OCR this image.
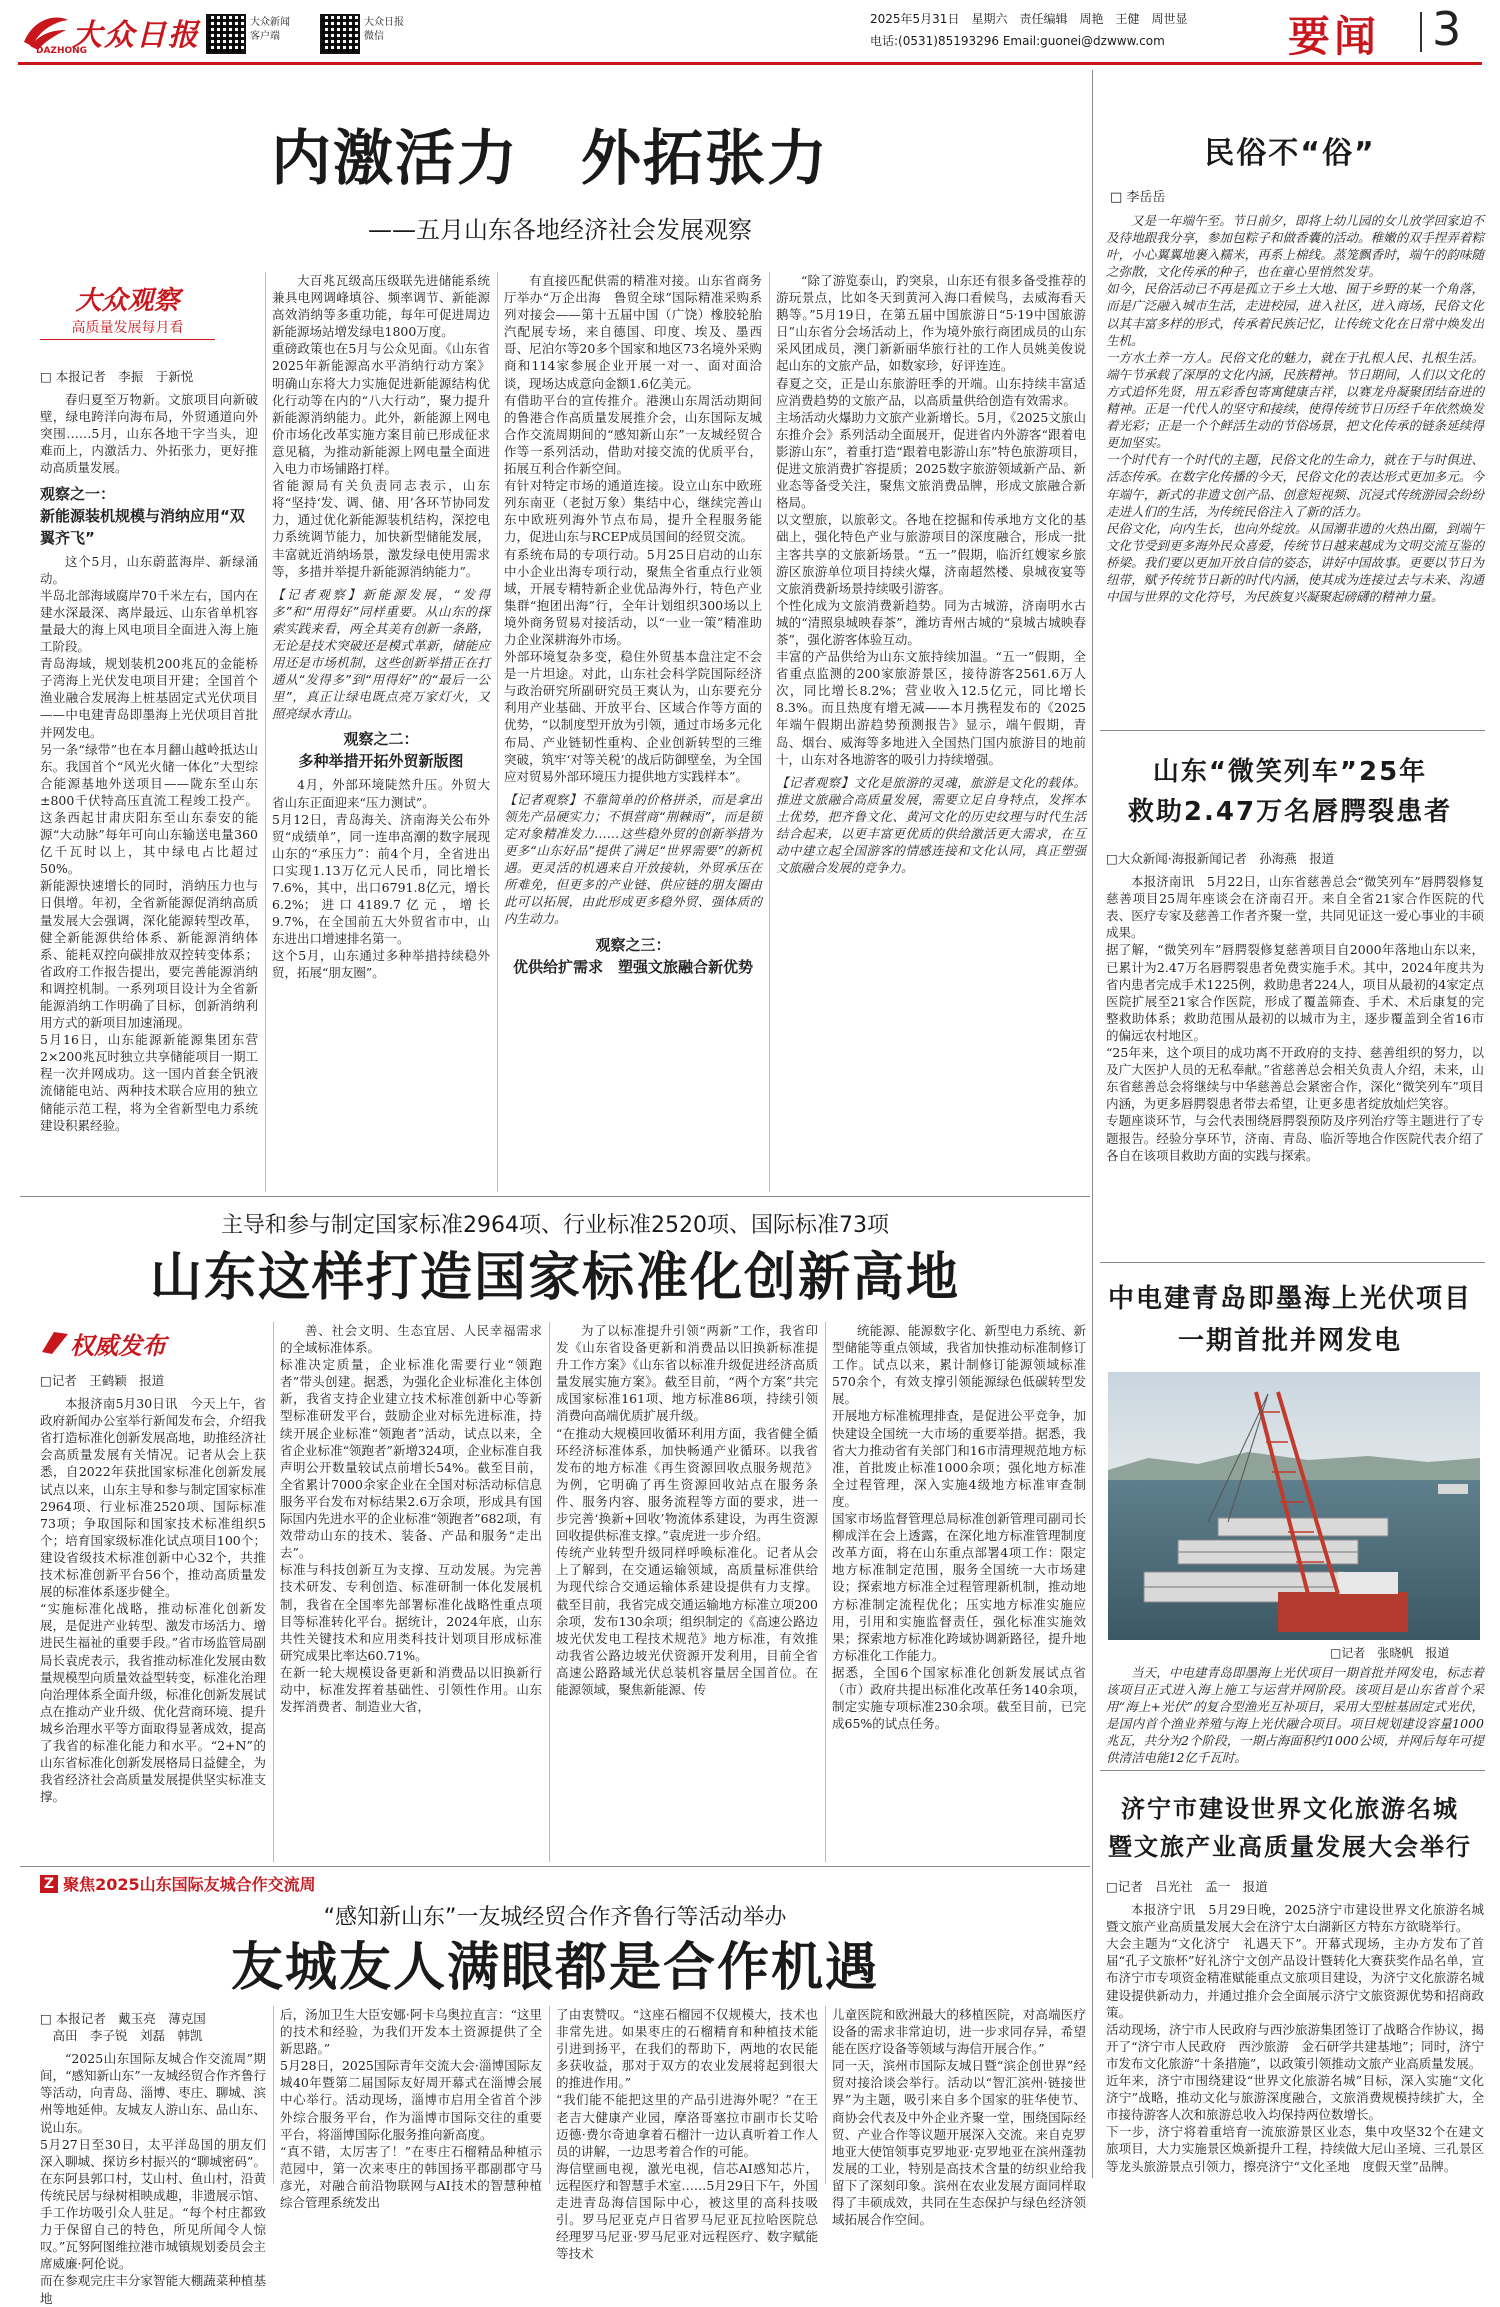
大众日报
DAZHONG
大众新闻
客户端
大众日报
微信
2025年5月31日　星期六　责任编辑　周艳　王健　周世显
电话:(0531)85193296 Email:guonei@dzwww.com	要闻 3
内激活力　外拓张力
——五月山东各地经济社会发展观察
大众观察
高质量发展每月看

□ 本报记者　李振　于新悦

春归夏至万物新。文旅项目向新破壁，绿电跨洋向海布局，外贸通道向外突围……5月，山东各地干字当头，迎难而上，内激活力、外拓张力，更好推动高质量发展。

观察之一：
新能源装机规模与消纳应用“双翼齐飞”

这个5月，山东蔚蓝海岸、新绿涌动。
半岛北部海域腐岸70千米左右，国内在建水深最深、离岸最远、山东省单机容量最大的海上风电项目全面进入海上施工阶段。
青岛海域，规划装机200兆瓦的金能桥子湾海上光伏发电项目开建；全国首个渔业融合发展海上桩基固定式光伏项目——中电建青岛即墨海上光伏项目首批并网发电。
另一条“绿带”也在本月翻山越岭抵达山东。我国首个“风光火储一体化”大型综合能源基地外送项目——陇东至山东±800千伏特高压直流工程竣工投产。这条西起甘肃庆阳东至山东泰安的能源“大动脉”每年可向山东输送电量360亿千瓦时以上，其中绿电占比超过50%。
新能源快速增长的同时，消纳压力也与日俱增。年初，全省新能源促消纳高质量发展大会强调，深化能源转型改革，健全新能源供给体系、新能源消纳体系、能耗双控向碳排放双控转变体系；省政府工作报告提出，要完善能源消纳和调控机制。一系列项目设计为全省新能源消纳工作明确了目标，创新消纳利用方式的新项目加速涌现。
5月16日，山东能源新能源集团东营2×200兆瓦时独立共享储能项目一期工程一次并网成功。这一国内首套全钒液流储能电站、两种技术联合应用的独立储能示范工程，将为全省新型电力系统建设积累经验。
大百兆瓦级高压级联先进储能系统兼具电网调峰填谷、频率调节、新能源高效消纳等多重功能，每年可促进周边新能源场站增发绿电1800万度。
重磅政策也在5月与公众见面。《山东省2025年新能源高水平消纳行动方案》明确山东将大力实施促进新能源结构优化行动等在内的“八大行动”，聚力提升新能源消纳能力。此外，新能源上网电价市场化改革实施方案目前已形成征求意见稿，为推动新能源上网电量全面进入电力市场铺路打样。
省能源局有关负责同志表示，山东将“坚持‘发、调、储、用’各环节协同发力，通过优化新能源装机结构，深挖电力系统调节能力，加快新型储能发展，丰富就近消纳场景，激发绿电使用需求等，多措并举提升新能源消纳能力”。

【记者观察】新能源发展，“发得多”和“用得好”同样重要。从山东的探索实践来看，两全其美有创新一条路，无论是技术突破还是模式革新，储能应用还是市场机制，这些创新举措正在打通从“发得多”到“用得好”的“最后一公里”，真正让绿电既点亮万家灯火，又照亮绿水青山。

观察之二：
多种举措开拓外贸新版图

4月，外部环境陡然升压。外贸大省山东正面迎来“压力测试”。
5月12日，青岛海关、济南海关公布外贸“成绩单”，同一连串高潮的数字展现山东的“承压力”：前4个月，全省进出口实现1.13万亿元人民币，同比增长7.6%，其中，出口6791.8亿元，增长6.2%；进口4189.7亿元，增长9.7%，在全国前五大外贸省市中，山东进出口增速排名第一。
这个5月，山东通过多种举措持续稳外贸，拓展“朋友圈”。
有直接匹配供需的精准对接。山东省商务厅举办“万企出海　鲁贸全球”国际精准采购系列对接会——第十五届中国（广饶）橡胶轮胎汽配展专场，来自德国、印度、埃及、墨西哥、尼泊尔等20多个国家和地区73名境外采购商和114家参展企业开展一对一、面对面洽谈，现场达成意向金额1.6亿美元。
有借助平台的宣传推介。港澳山东周活动期间的鲁港合作高质量发展推介会，山东国际友城合作交流周期间的“感知新山东”一友城经贸合作等一系列活动，借助对接交流的优质平台，拓展互利合作新空间。
有针对特定市场的通道连接。设立山东中欧班列东南亚（老挝万象）集结中心，继续完善山东中欧班列海外节点布局，提升全程服务能力，促进山东与RCEP成员国间的经贸交流。
有系统布局的专项行动。5月25日启动的山东中小企业出海专项行动，聚焦全省重点行业领域，开展专精特新企业优品海外行，特色产业集群“抱团出海”行，全年计划组织300场以上境外商务贸易对接活动，以“一业一策”精准助力企业深耕海外市场。
外部环境复杂多变，稳住外贸基本盘注定不会是一片坦途。对此，山东社会科学院国际经济与政治研究所副研究员王爽认为，山东要充分利用产业基础、开放平台、区域合作等方面的优势，“以制度型开放为引领，通过市场多元化布局、产业链韧性重构、企业创新转型的三维突破，筑牢‘对等关税’的战后防御壁垒，为全国应对贸易外部环境压力提供地方实践样本”。

【记者观察】不靠简单的价格拼杀，而是拿出领先产品硬实力；不惧营商“荆棘雨”，而是锁定对象精准发力……这些稳外贸的创新举措为更多“山东好品”提供了满足“世界需要”的新机遇。更灵活的机遇来自开放接轨，外贸承压在所难免，但更多的产业链、供应链的朋友圈由此可以拓展，由此形成更多稳外贸、强体质的内生动力。

观察之三：
优供给扩需求　塑强文旅融合新优势

“除了游览泰山，趵突泉，山东还有很多备受推荐的游玩景点，比如冬天到黄河入海口看候鸟，去威海看天鹅等。”5月19日，在第五届中国旅游日“5·19中国旅游日”山东省分会场活动上，作为境外旅行商团成员的山东采风团成员，澳门新新丽华旅行社的工作人员姚美俊说起山东的文旅产品，如数家珍，好评连连。
春夏之交，正是山东旅游旺季的开端。山东持续丰富适应消费趋势的文旅产品，以高质量供给创造有效需求。
主场活动火爆助力文旅产业新增长。5月，《2025文旅山东推介会》系列活动全面展开，促进省内外游客“跟着电影游山东”，着重打造“跟着电影游山东”特色旅游项目，促进文旅消费扩容提质；2025数字旅游领域新产品、新业态等备受关注，聚焦文旅消费品牌，形成文旅融合新格局。
以文塑旅，以旅彰文。各地在挖掘和传承地方文化的基础上，强化特色产业与旅游项目的深度融合，形成一批主客共享的文旅新场景。“五一”假期，临沂红嫂家乡旅游区旅游单位项目持续火爆，济南超然楼、泉城夜宴等文旅消费新场景持续吸引游客。
个性化成为文旅消费新趋势。同为古城游，济南明水古城的“清照泉城映春茶”，潍坊青州古城的“泉城古城映春茶”，强化游客体验互动。
丰富的产品供给为山东文旅持续加温。“五一”假期，全省重点监测的200家旅游景区，接待游客2561.6万人次，同比增长8.2%；营业收入12.5亿元，同比增长8.3%。而且热度有增无减——本月携程发布的《2025年端午假期出游趋势预测报告》显示，端午假期，青岛、烟台、威海等多地进入全国热门国内旅游目的地前十，山东对各地游客的吸引力持续增强。

【记者观察】文化是旅游的灵魂，旅游是文化的载体。推进文旅融合高质量发展，需要立足自身特点，发挥本土优势，把齐鲁文化、黄河文化的历史纹理与时代生活结合起来，以更丰富更优质的供给激活更大需求，在互动中建立起全国游客的情感连接和文化认同，真正塑强文旅融合发展的竞争力。

民俗不“俗”
□ 李岳岳
又是一年端午至。节日前夕，即将上幼儿园的女儿放学回家迫不及待地跟我分享，参加包粽子和做香囊的活动。稚嫩的双手捏弄着粽叶，小心翼翼地裹入糯米，再系上棉线。蒸笼飘香时，端午的韵味随之弥散，文化传承的种子，也在童心里悄然发芽。
如今，民俗活动已不再是孤立于乡土大地、囿于乡野的某一个角落，而是广泛融入城市生活，走进校园，进入社区，进入商场，民俗文化以其丰富多样的形式，传承着民族记忆，让传统文化在日常中焕发出生机。
一方水土养一方人。民俗文化的魅力，就在于扎根人民、扎根生活。端午节承载了深厚的文化内涵，民族精神。节日期间，人们以文化的方式追怀先贤，用五彩香包寄寓健康吉祥，以赛龙舟凝聚团结奋进的精神。正是一代代人的坚守和接续，使得传统节日历经千年依然焕发着光彩；正是一个个鲜活生动的节俗场景，把文化传承的链条延续得更加坚实。
一个时代有一个时代的主题，民俗文化的生命力，就在于与时俱进、活态传承。在数字化传播的今天，民俗文化的表达形式更加多元。今年端午，新式的非遗文创产品、创意短视频、沉浸式传统游园会纷纷走进人们的生活，为传统民俗注入了新的活力。
民俗文化，向内生长，也向外绽放。从国潮非遗的火热出圈，到端午文化节受到更多海外民众喜爱，传统节日越来越成为文明交流互鉴的桥梁。我们要以更加开放自信的姿态，讲好中国故事。更要以节日为纽带，赋予传统节日新的时代内涵，使其成为连接过去与未来、沟通中国与世界的文化符号，为民族复兴凝聚起磅礴的精神力量。
山东“微笑列车”25年
救助2.47万名唇腭裂患者

□大众新闻·海报新闻记者　孙海燕　报道

本报济南讯　5月22日，山东省慈善总会“微笑列车”唇腭裂修复慈善项目25周年座谈会在济南召开。来自全省21家合作医院的代表、医疗专家及慈善工作者齐聚一堂，共同见证这一爱心事业的丰硕成果。
据了解，“微笑列车”唇腭裂修复慈善项目自2000年落地山东以来，已累计为2.47万名唇腭裂患者免费实施手术。其中，2024年度共为省内患者完成手术1225例，救助患者224人，项目从最初的4家定点医院扩展至21家合作医院，形成了覆盖筛查、手术、术后康复的完整救助体系；救助范围从最初的以城市为主，逐步覆盖到全省16市的偏远农村地区。
“25年来，这个项目的成功离不开政府的支持、慈善组织的努力，以及广大医护人员的无私奉献。”省慈善总会相关负责人介绍，未来，山东省慈善总会将继续与中华慈善总会紧密合作，深化“微笑列车”项目内涵，为更多唇腭裂患者带去希望，让更多患者绽放灿烂笑容。
专题座谈环节，与会代表围绕唇腭裂预防及序列治疗等主题进行了专题报告。经验分享环节，济南、青岛、临沂等地合作医院代表介绍了各自在该项目救助方面的实践与探索。
主导和参与制定国家标准2964项、行业标准2520项、国际标准73项
山东这样打造国家标准化创新高地
权威发布

□记者　王鹤颖　报道

本报济南5月30日讯　今天上午，省政府新闻办公室举行新闻发布会，介绍我省打造标准化创新发展高地，助推经济社会高质量发展有关情况。记者从会上获悉，自2022年获批国家标准化创新发展试点以来，山东主导和参与制定国家标准2964项、行业标准2520项、国际标准73项；争取国际和国家技术标准组织5个；培育国家级标准化试点项目100个；建设省级技术标准创新中心32个，共推技术标准创新平台56个，推动高质量发展的标准体系逐步健全。
“实施标准化战略，推动标准化创新发展，是促进产业转型、激发市场活力、增进民生福祉的重要手段。”省市场监管局副局长袁虎表示，我省推动标准化发展由数量规模型向质量效益型转变，标准化治理向治理体系全面升级，标准化创新发展试点在推动产业升级、优化营商环境、提升城乡治理水平等方面取得显著成效，提高了我省的标准化能力和水平。“2+N”的山东省标准化创新发展格局日益健全，为我省经济社会高质量发展提供坚实标准支撑。
善、社会文明、生态宜居、人民幸福需求的全域标准体系。
标准决定质量，企业标准化需要行业“领跑者”带头创建。据悉，为强化企业标准化主体创新，我省支持企业建立技术标准创新中心等新型标准研发平台，鼓励企业对标先进标准，持续开展企业标准“领跑者”活动，试点以来，全省企业标准“领跑者”新增324项，企业标准自我声明公开数量较试点前增长54%。截至目前，全省累计7000余家企业在全国对标活动标信息服务平台发布对标结果2.6万余项，形成具有国际国内先进水平的企业标准“领跑者”682项，有效带动山东的技术、装备、产品和服务“走出去”。
标准与科技创新互为支撑、互动发展。为完善技术研发、专利创造、标准研制一体化发展机制，我省在全国率先部署标准化战略性重点项目等标准转化平台。据统计，2024年底，山东共性关键技术和应用类科技计划项目形成标准研究成果比率达60.71%。
在新一轮大规模设备更新和消费品以旧换新行动中，标准发挥着基础性、引领性作用。山东发挥消费者、制造业大省，
为了以标准提升引领“两新”工作，我省印发《山东省设备更新和消费品以旧换新标准提升工作方案》《山东省以标准升级促进经济高质量发展实施方案》。截至目前，“两个方案”共完成国家标准161项、地方标准86项，持续引领消费向高端优质扩展升级。
“在推动大规模回收循环利用方面，我省健全循环经济标准体系，加快畅通产业循环。以我省发布的地方标准《再生资源回收点服务规范》为例，它明确了再生资源回收站点在服务条件、服务内容、服务流程等方面的要求，进一步完善‘换新+回收’物流体系建设，为再生资源回收提供标准支撑。”袁虎进一步介绍。
传统产业转型升级同样呼唤标准化。记者从会上了解到，在交通运输领域，高质量标准供给为现代综合交通运输体系建设提供有力支撑。截至目前，我省完成交通运输地方标准立项200余项，发布130余项；组织制定的《高速公路边坡光伏发电工程技术规范》地方标准，有效推动我省公路边坡光伏资源开发利用，目前全省高速公路路域光伏总装机容量居全国首位。在能源领域，聚焦新能源、传
统能源、能源数字化、新型电力系统、新型储能等重点领域，我省加快推动标准制修订工作。试点以来，累计制修订能源领域标准570余个，有效支撑引领能源绿色低碳转型发展。
开展地方标准梳理排查，是促进公平竞争，加快建设全国统一大市场的重要举措。据悉，我省大力推动省有关部门和16市清理规范地方标准，首批废止标准1000余项；强化地方标准全过程管理，深入实施4级地方标准审查制度。
国家市场监督管理总局标准创新管理司副司长柳成洋在会上透露，在深化地方标准管理制度改革方面，将在山东重点部署4项工作：限定地方标准制定范围，服务全国统一大市场建设；探索地方标准全过程管理新机制，推动地方标准制定流程优化；压实地方标准实施应用，引用和实施监督责任，强化标准实施效果；探索地方标准化跨域协调新路径，提升地方标准化工作能力。
据悉，全国6个国家标准化创新发展试点省（市）政府共提出标准化改革任务140余项，制定实施专项标准230余项。截至目前，已完成65%的试点任务。
中电建青岛即墨海上光伏项目
一期首批并网发电
□记者　张晓帆　报道
当天，中电建青岛即墨海上光伏项目一期首批并网发电，标志着该项目正式进入海上施工与运营并网阶段。该项目是山东省首个采用“海上+光伏”的复合型渔光互补项目，采用大型桩基固定式光伏，是国内首个渔业养殖与海上光伏融合项目。项目规划建设容量1000兆瓦，共分为2个阶段，一期占海面积约1000公顷，并网后每年可提供清洁电能12亿千瓦时。
Z 聚焦2025山东国际友城合作交流周
“感知新山东”一友城经贸合作齐鲁行等活动举办
友城友人满眼都是合作机遇

□ 本报记者　戴玉亮　薄克国
　高田　李子锐　刘磊　韩凯

“2025山东国际友城合作交流周”期间，“感知新山东”一友城经贸合作齐鲁行等活动，向青岛、淄博、枣庄、聊城、滨州等地延伸。友城友人游山东、品山东、说山东。
5月27日至30日，太平洋岛国的朋友们深入聊城、探访乡村振兴的“聊城密码”。在东阿县郭口村，艾山村、鱼山村，沿黄传统民居与绿树相映成趣，非遗展示馆、手工作坊吸引众人驻足。“每个村庄都致力于保留自己的特色，所见所闻令人惊叹。”瓦努阿图维拉港市城镇规划委员会主席威廉·阿伦说。
而在参观完庄丰分家智能大棚蔬菜种植基地
后，汤加卫生大臣安娜·阿卡乌奥拉直言：“这里的技术和经验，为我们开发本土资源提供了全新思路。”
5月28日，2025国际青年交流大会·淄博国际友城40年暨第二届国际友好周开幕式在淄博会展中心举行。活动现场，淄博市启用全省首个涉外综合服务平台，作为淄博市国际交往的重要平台，将淄博国际化服务推向新高度。
“真不错，太厉害了！”在枣庄石榴精品种植示范园中，第一次来枣庄的韩国扬平郡副郡守马彦光，对融合前沿物联网与AI技术的智慧种植综合管理系统发出
了由衷赞叹。“这座石榴园不仅规模大，技术也非常先进。如果枣庄的石榴精育和种植技术能引进到扬平，在我们的帮助下，两地的农民能多获收益，那对于双方的农业发展将起到很大的推进作用。”
“我们能不能把这里的产品引进海外呢？”在王老吉大健康产业园，摩洛哥塞拉市副市长艾哈迈德·费尔奇迪拿着石榴汁一边认真听着工作人员的讲解，一边思考着合作的可能。
海信壁画电视，激光电视，信芯AI感知芯片，远程医疗和智慧手术室……5月29日下午，外国走进青岛海信国际中心，被这里的高科技吸引。罗马尼亚克卢日省罗马尼亚瓦拉哈医院总经理罗马尼亚·罗马尼亚对远程医疗、数字赋能等技术
儿童医院和欧洲最大的移植医院，对高端医疗设备的需求非常迫切，进一步求同存异，希望能在医疗设备等领域与海信开展合作。”
同一天，滨州市国际友城日暨“滨企创世界”经贸对接洽谈会举行。活动以“智汇滨州·链接世界”为主题，吸引来自多个国家的驻华使节、商协会代表及中外企业齐聚一堂，围绕国际经贸、产业合作等议题开展深入交流。来自克罗地亚大使馆领事克罗地亚·克罗地亚在滨州蓬勃发展的工业，特别是高技术含量的纺织业给我留下了深刻印象。滨州在农业发展方面同样取得了丰硕成效，共同在生态保护与绿色经济领域拓展合作空间。
济宁市建设世界文化旅游名城
暨文旅产业高质量发展大会举行

□记者　吕光社　孟一　报道

本报济宁讯　5月29日晚，2025济宁市建设世界文化旅游名城暨文旅产业高质量发展大会在济宁太白湖新区方特东方欲晓举行。
大会主题为“文化济宁　礼遇天下”。开幕式现场，主办方发布了首届“孔子文旅杯”好礼济宁文创产品设计暨转化大赛获奖作品名单，宣布济宁市专项资金精准赋能重点文旅项目建设，为济宁文化旅游名城建设提供新动力，并通过推介会全面展示济宁文旅资源优势和招商政策。
活动现场，济宁市人民政府与西沙旅游集团签订了战略合作协议，揭开了“济宁市人民政府　西沙旅游　金石研学共建基地”；同时，济宁市发布文化旅游“十条措施”，以政策引领推动文旅产业高质量发展。
近年来，济宁市围绕建设“世界文化旅游名城”目标，深入实施“文化济宁”战略，推动文化与旅游深度融合，文旅消费规模持续扩大，全市接待游客人次和旅游总收入均保持两位数增长。
下一步，济宁将着重培育一流旅游景区业态，集中攻坚32个在建文旅项目，大力实施景区焕新提升工程，持续做大尼山圣境、三孔景区等龙头旅游景点引领力，擦亮济宁“文化圣地　度假天堂”品牌。
